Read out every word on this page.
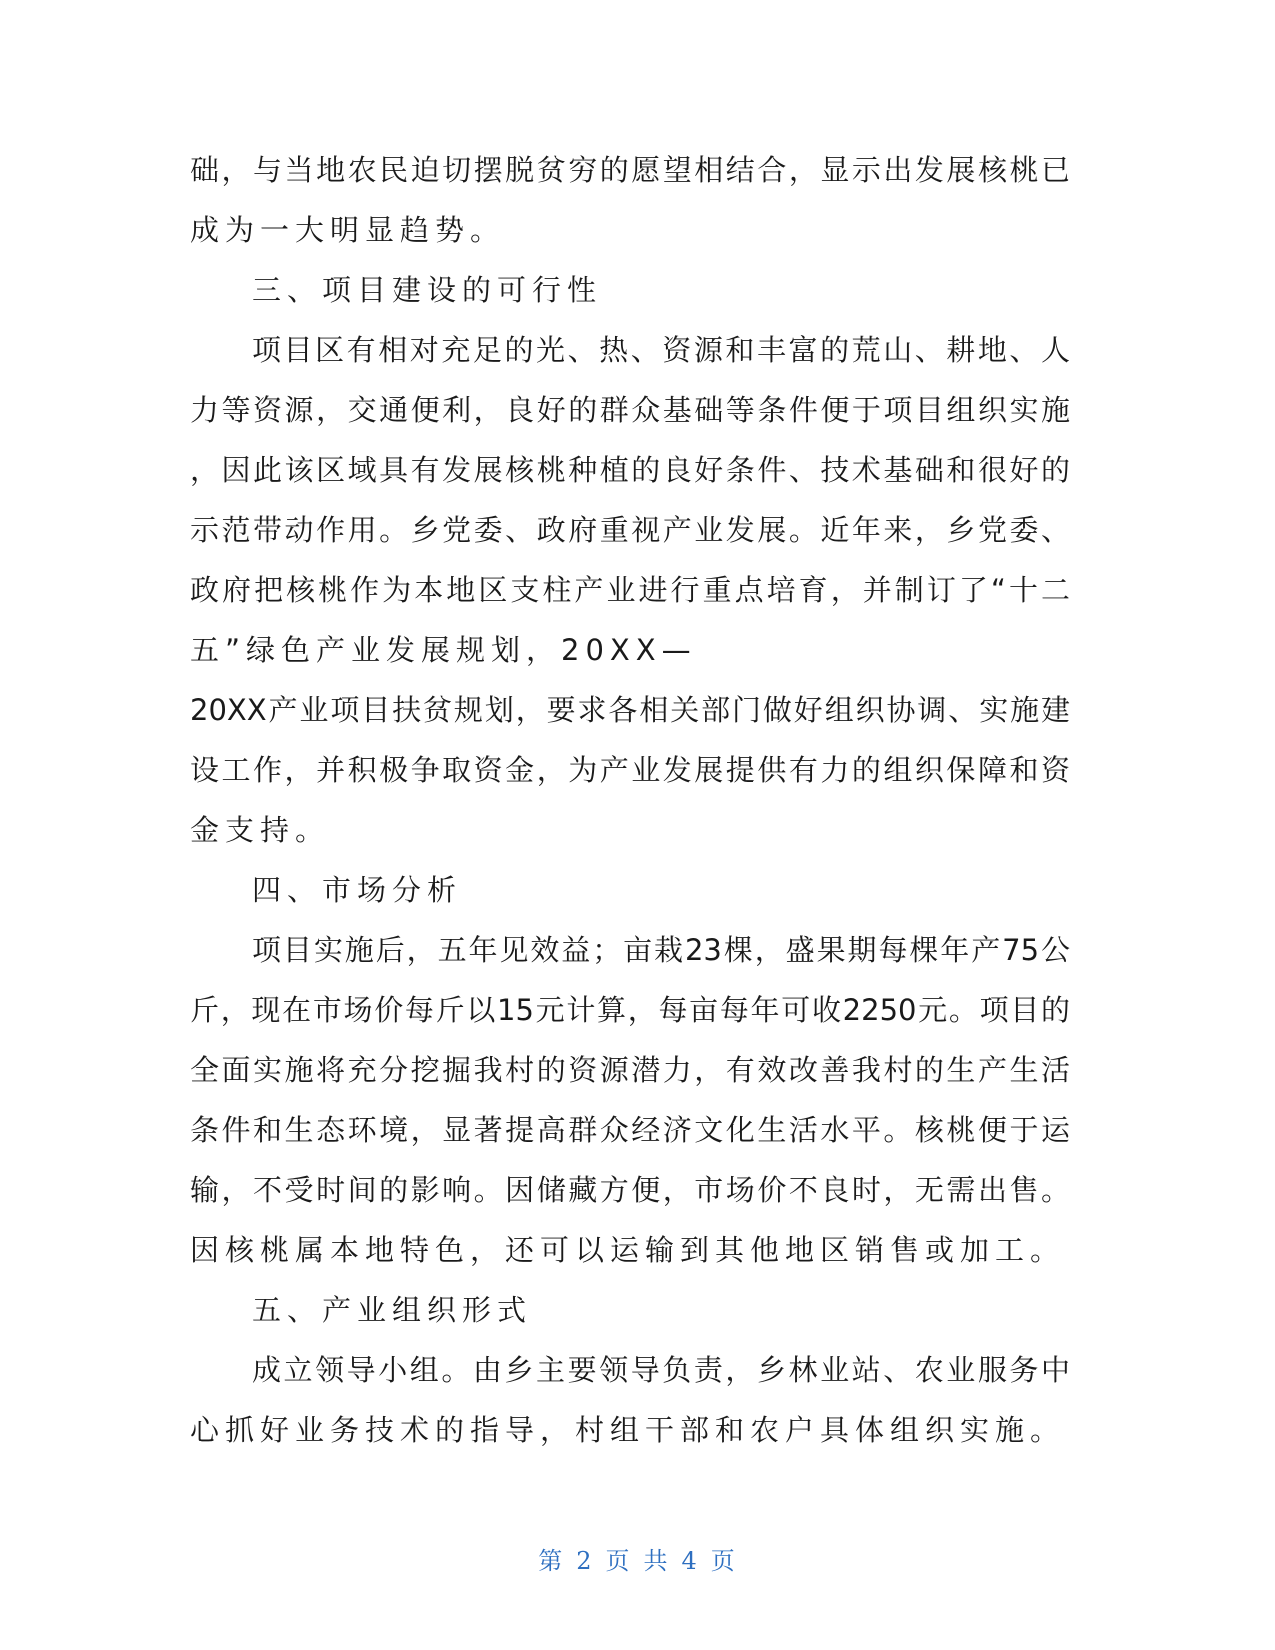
础，与当地农民迫切摆脱贫穷的愿望相结合，显示出发展核桃已
成为一大明显趋势。
三、项目建设的可行性
项目区有相对充足的光、热、资源和丰富的荒山、耕地、人
力等资源，交通便利，良好的群众基础等条件便于项目组织实施
，因此该区域具有发展核桃种植的良好条件、技术基础和很好的
示范带动作用。乡党委、政府重视产业发展。近年来，乡党委、
政府把核桃作为本地区支柱产业进行重点培育，并制订了“十二
五”绿色产业发展规划，20XX—
20XX产业项目扶贫规划，要求各相关部门做好组织协调、实施建
设工作，并积极争取资金，为产业发展提供有力的组织保障和资
金支持。
四、市场分析
项目实施后，五年见效益；亩栽23棵，盛果期每棵年产75公
斤，现在市场价每斤以15元计算，每亩每年可收2250元。项目的
全面实施将充分挖掘我村的资源潜力，有效改善我村的生产生活
条件和生态环境，显著提高群众经济文化生活水平。核桃便于运
输，不受时间的影响。因储藏方便，市场价不良时，无需出售。
因核桃属本地特色，还可以运输到其他地区销售或加工。
五、产业组织形式
成立领导小组。由乡主要领导负责，乡林业站、农业服务中
心抓好业务技术的指导，村组干部和农户具体组织实施。
第 2 页 共 4 页
